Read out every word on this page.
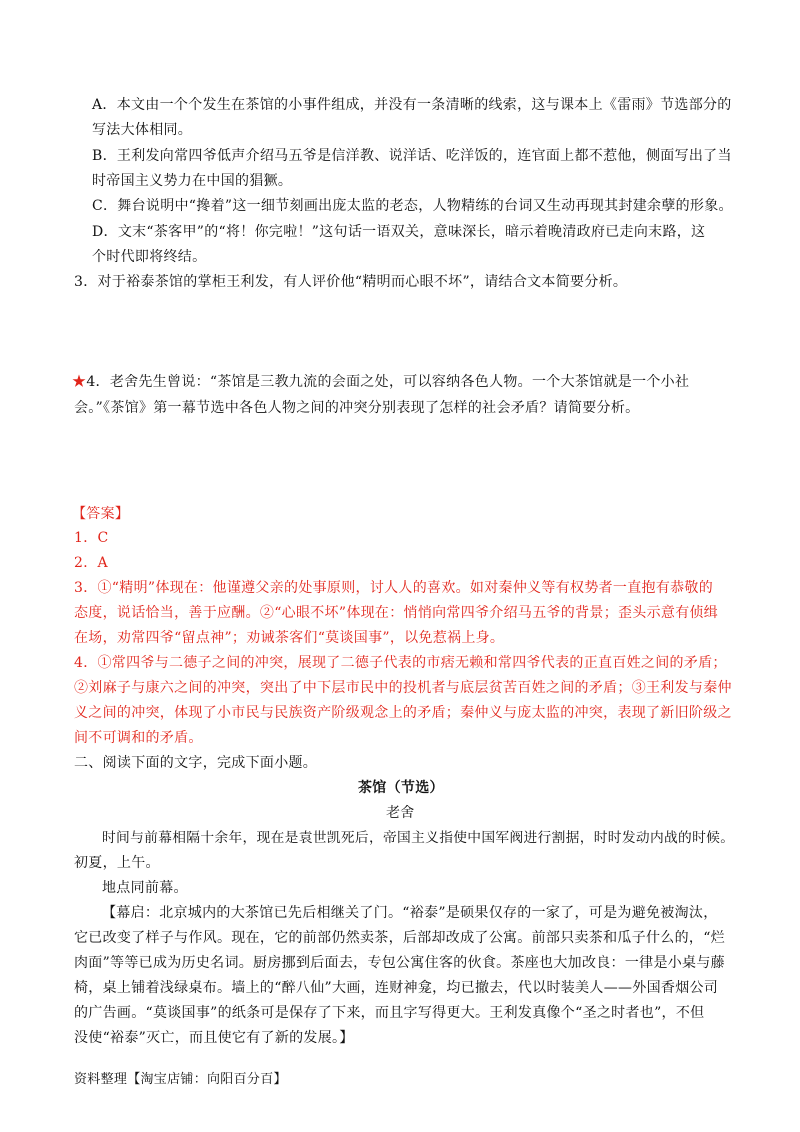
A．本文由一个个发生在茶馆的小事件组成，并没有一条清晰的线索，这与课本上《雷雨》节选部分的
写法大体相同。
B．王利发向常四爷低声介绍马五爷是信洋教、说洋话、吃洋饭的，连官面上都不惹他，侧面写出了当
时帝国主义势力在中国的猖獗。
C．舞台说明中“搀着”这一细节刻画出庞太监的老态，人物精练的台词又生动再现其封建余孽的形象。
D．文末“茶客甲”的“将！你完啦！”这句话一语双关，意味深长，暗示着晚清政府已走向末路，这
个时代即将终结。
3．对于裕泰茶馆的掌柜王利发，有人评价他“精明而心眼不坏”，请结合文本简要分析。
★4．老舍先生曾说：“茶馆是三教九流的会面之处，可以容纳各色人物。一个大茶馆就是一个小社
会。”《茶馆》第一幕节选中各色人物之间的冲突分别表现了怎样的社会矛盾？请简要分析。
【答案】
1．C
2．A
3．①“精明”体现在：他谨遵父亲的处事原则，讨人人的喜欢。如对秦仲义等有权势者一直抱有恭敬的
态度，说话恰当，善于应酬。②“心眼不坏”体现在：悄悄向常四爷介绍马五爷的背景；歪头示意有侦缉
在场，劝常四爷“留点神”；劝诫茶客们“莫谈国事”，以免惹祸上身。
4．①常四爷与二德子之间的冲突，展现了二德子代表的市痞无赖和常四爷代表的正直百姓之间的矛盾；
②刘麻子与康六之间的冲突，突出了中下层市民中的投机者与底层贫苦百姓之间的矛盾；③王利发与秦仲
义之间的冲突，体现了小市民与民族资产阶级观念上的矛盾；秦仲义与庞太监的冲突，表现了新旧阶级之
间不可调和的矛盾。
二、阅读下面的文字，完成下面小题。
茶馆（节选）
老舍
时间与前幕相隔十余年，现在是袁世凯死后，帝国主义指使中国军阀进行割据，时时发动内战的时候。
初夏，上午。
地点同前幕。
【幕启：北京城内的大茶馆已先后相继关了门。“裕泰”是硕果仅存的一家了，可是为避免被淘汰，
它已改变了样子与作风。现在，它的前部仍然卖茶，后部却改成了公寓。前部只卖茶和瓜子什么的，“烂
肉面”等等已成为历史名词。厨房挪到后面去，专包公寓住客的伙食。茶座也大加改良：一律是小桌与藤
椅，桌上铺着浅绿桌布。墙上的“醉八仙”大画，连财神龛，均已撤去，代以时装美人——外国香烟公司
的广告画。“莫谈国事”的纸条可是保存了下来，而且字写得更大。王利发真像个“圣之时者也”，不但
没使“裕泰”灭亡，而且使它有了新的发展。】
资料整理【淘宝店铺：向阳百分百】
